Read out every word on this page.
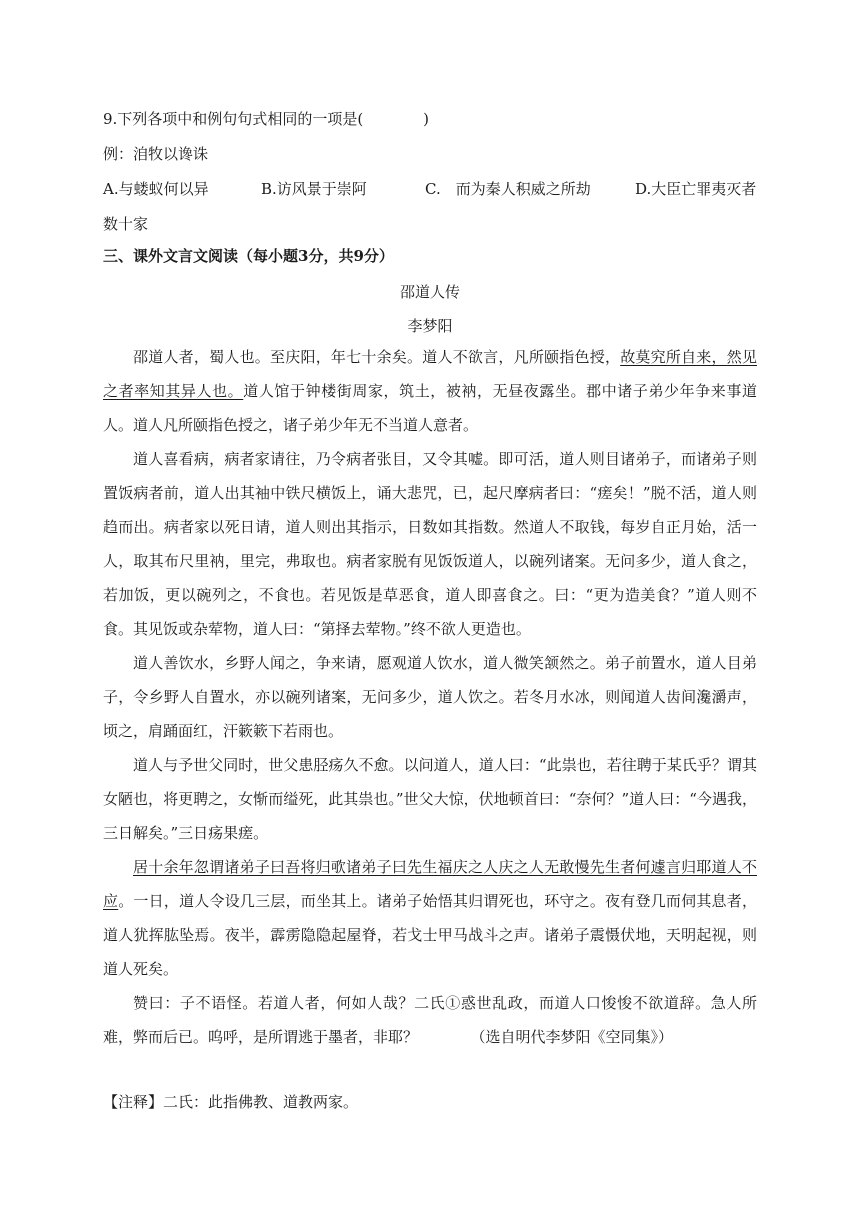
9.下列各项中和例句句式相同的一项是(　　　　)
例：洎牧以谗诛
A.与蝼蚁何以异	B.访风景于崇阿	C.　而为秦人积威之所劫	D.大臣亡罪夷灭者
数十家
三、课外文言文阅读（每小题3分，共9分）
邵道人传
李梦阳
邵道人者，蜀人也。至庆阳，年七十余矣。道人不欲言，凡所颐指色授，故莫究所自来，然见之者率知其异人也。道人馆于钟楼街周家，筑土，被衲，无昼夜露坐。郡中诸子弟少年争来事道人。道人凡所颐指色授之，诸子弟少年无不当道人意者。
道人喜看病，病者家请往，乃令病者张目，又令其嘘。即可活，道人则目诸弟子，而诸弟子则置饭病者前，道人出其袖中铁尺横饭上，诵大悲咒，已，起尺摩病者曰：“瘥矣！”脱不活，道人则趋而出。病者家以死日请，道人则出其指示，日数如其指数。然道人不取钱，每岁自正月始，活一人，取其布尺里衲，里完，弗取也。病者家脱有见饭饭道人，以碗列诸案。无问多少，道人食之，若加饭，更以碗列之，不食也。若见饭是草恶食，道人即喜食之。曰：“更为造美食？”道人则不食。其见饭或杂荤物，道人曰：“第择去荤物。”终不欲人更造也。
道人善饮水，乡野人闻之，争来请，愿观道人饮水，道人微笑颔然之。弟子前置水，道人目弟子，令乡野人自置水，亦以碗列诸案，无问多少，道人饮之。若冬月水冰，则闻道人齿间瀺灂声，顷之，肩踊面红，汗簌簌下若雨也。
道人与予世父同时，世父患胫疡久不愈。以问道人，道人曰：“此祟也，若往聘于某氏乎？谓其女陋也，将更聘之，女惭而缢死，此其祟也。”世父大惊，伏地顿首曰：“奈何？”道人曰：“今遇我，三日解矣。”三日疡果瘥。
居十余年忽谓诸弟子曰吾将归㰤诸弟子曰先生福庆之人庆之人无敢慢先生者何遽言归耶道人不应。一日，道人令设几三层，而坐其上。诸弟子始悟其归谓死也，环守之。夜有登几而伺其息者，道人犹挥肱坠焉。夜半，霹雳隐隐起屋脊，若戈士甲马战斗之声。诸弟子震慑伏地，天明起视，则道人死矣。
赞曰：子不语怪。若道人者，何如人哉？二氏①惑世乱政，而道人口悛悛不欲道辞。急人所难，弊而后已。呜呼，是所谓逃于墨者，非耶？　　　　	（选自明代李梦阳《空同集》）
【注释】二氏：此指佛教、道教两家。
